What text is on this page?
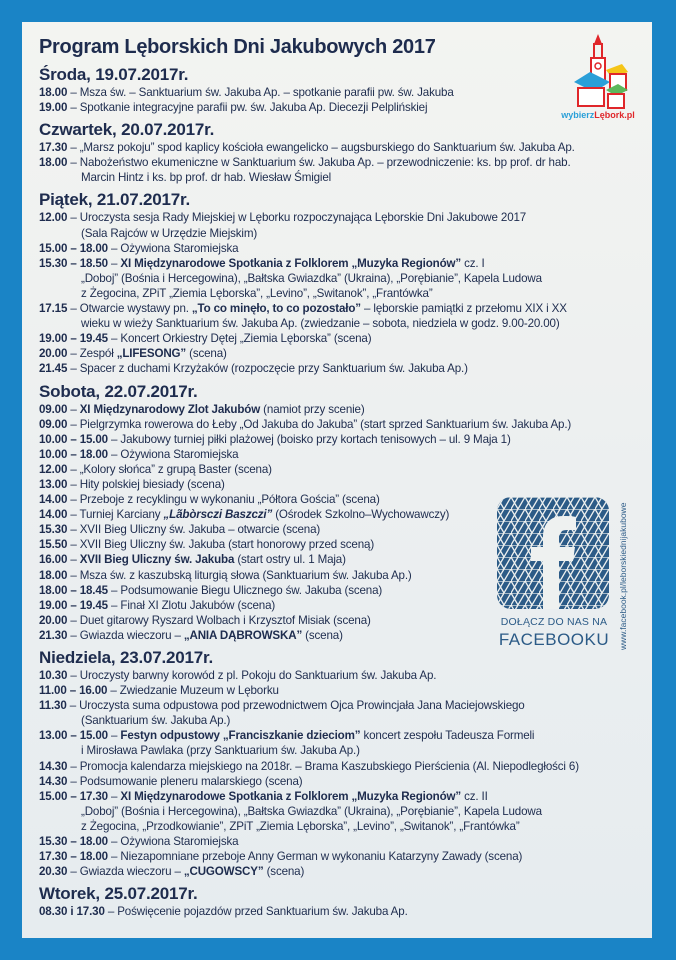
Program Lęborskich Dni Jakubowych 2017
Środa, 19.07.2017r.
18.00 – Msza św. – Sanktuarium św. Jakuba Ap. – spotkanie parafii pw. św. Jakuba
19.00 – Spotkanie integracyjne parafii pw. św. Jakuba Ap. Diecezji Pelplińskiej
Czwartek, 20.07.2017r.
17.30 – „Marsz pokoju” spod kaplicy kościoła ewangelicko – augsburskiego do Sanktuarium św. Jakuba Ap.
18.00 – Nabożeństwo ekumeniczne w Sanktuarium św. Jakuba Ap. – przewodniczenie: ks. bp prof. dr hab.
Marcin Hintz i ks. bp prof. dr hab. Wiesław Śmigiel
Piątek, 21.07.2017r.
12.00 – Uroczysta sesja Rady Miejskiej w Lęborku rozpoczynająca Lęborskie Dni Jakubowe 2017
(Sala Rajców w Urzędzie Miejskim)
15.00 – 18.00 – Ożywiona Staromiejska
15.30 – 18.50 – XI Międzynarodowe Spotkania z Folklorem „Muzyka Regionów” cz. I
„Doboj” (Bośnia i Hercegowina), „Bałtska Gwiazdka” (Ukraina), „Porębianie”, Kapela Ludowa
z Żegocina, ZPiT „Ziemia Lęborska”, „Levino”, „Switanok”, „Frantówka”
17.15 – Otwarcie wystawy pn. „To co minęło, to co pozostało” – lęborskie pamiątki z przełomu XIX i XX
wieku w wieży Sanktuarium św. Jakuba Ap. (zwiedzanie – sobota, niedziela w godz. 9.00-20.00)
19.00 – 19.45 – Koncert Orkiestry Dętej „Ziemia Lęborska” (scena)
20.00 – Zespół „LIFESONG” (scena)
21.45 – Spacer z duchami Krzyżaków (rozpoczęcie przy Sanktuarium św. Jakuba Ap.)
Sobota, 22.07.2017r.
09.00 – XI Międzynarodowy Zlot Jakubów (namiot przy scenie)
09.00 – Pielgrzymka rowerowa do Łeby „Od Jakuba do Jakuba” (start sprzed Sanktuarium św. Jakuba Ap.)
10.00 – 15.00 – Jakubowy turniej piłki plażowej (boisko przy kortach tenisowych – ul. 9 Maja 1)
10.00 – 18.00 – Ożywiona Staromiejska
12.00 – „Kolory słońca” z grupą Baster (scena)
13.00 – Hity polskiej biesiady (scena)
14.00 – Przeboje z recyklingu w wykonaniu „Półtora Gościa” (scena)
14.00 – Turniej Karciany „Lãbòrsczi Baszczi” (Ośrodek Szkolno–Wychowawczy)
15.30 – XVII Bieg Uliczny św. Jakuba – otwarcie (scena)
15.50 – XVII Bieg Uliczny św. Jakuba (start honorowy przed sceną)
16.00 – XVII Bieg Uliczny św. Jakuba (start ostry ul. 1 Maja)
18.00 – Msza św. z kaszubską liturgią słowa (Sanktuarium św. Jakuba Ap.)
18.00 – 18.45 – Podsumowanie Biegu Ulicznego św. Jakuba (scena)
19.00 – 19.45 – Finał XI Zlotu Jakubów (scena)
20.00 – Duet gitarowy Ryszard Wolbach i Krzysztof Misiak (scena)
21.30 – Gwiazda wieczoru – „ANIA DĄBROWSKA” (scena)
Niedziela, 23.07.2017r.
10.30 – Uroczysty barwny korowód z pl. Pokoju do Sanktuarium św. Jakuba Ap.
11.00 – 16.00 – Zwiedzanie Muzeum w Lęborku
11.30 – Uroczysta suma odpustowa pod przewodnictwem Ojca Prowincjała Jana Maciejowskiego
(Sanktuarium św. Jakuba Ap.)
13.00 – 15.00 – Festyn odpustowy „Franciszkanie dzieciom” koncert zespołu Tadeusza Formeli
i Mirosława Pawlaka (przy Sanktuarium św. Jakuba Ap.)
14.30 – Promocja kalendarza miejskiego na 2018r. – Brama Kaszubskiego Pierścienia (Al. Niepodległości 6)
14.30 – Podsumowanie pleneru malarskiego (scena)
15.00 – 17.30 – XI Międzynarodowe Spotkania z Folklorem „Muzyka Regionów” cz. II
„Doboj” (Bośnia i Hercegowina), „Bałtska Gwiazdka” (Ukraina), „Porębianie”, Kapela Ludowa
z Żegocina, „Przodkowianie”, ZPiT „Ziemia Lęborska”, „Levino”, „Switanok”, „Frantówka”
15.30 – 18.00 – Ożywiona Staromiejska
17.30 – 18.00 – Niezapomniane przeboje Anny German w wykonaniu Katarzyny Zawady (scena)
20.30 – Gwiazda wieczoru – „CUGOWSCY” (scena)
Wtorek, 25.07.2017r.
08.30 i 17.30 – Poświęcenie pojazdów przed Sanktuarium św. Jakuba Ap.
wybierzLębork.pl
DOŁĄCZ DO NAS NA
FACEBOOKU	www.facebook.pl/leborskiednijakubowe
